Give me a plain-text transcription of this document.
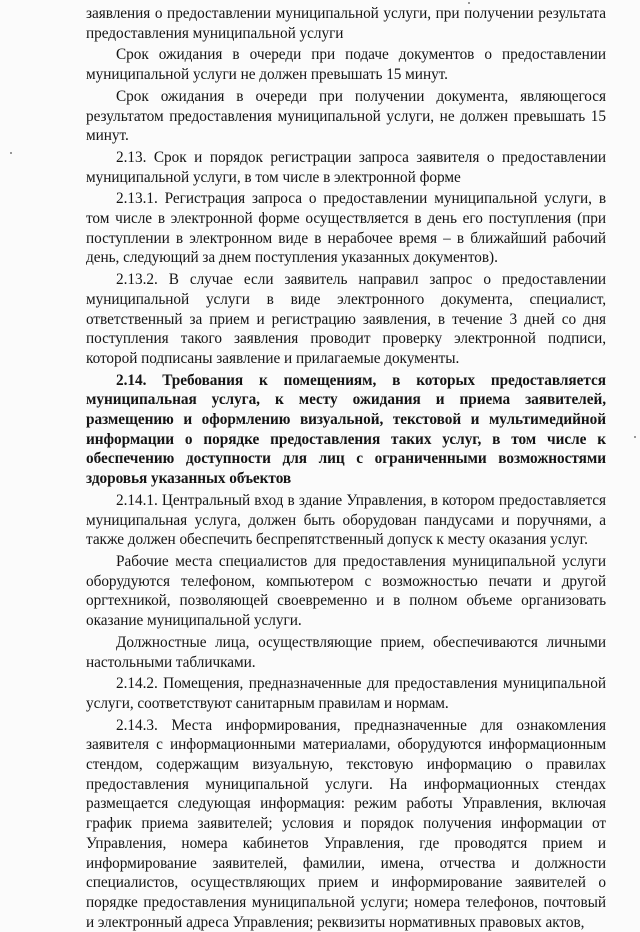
заявления о предоставлении муниципальной услуги, при получении результата предоставления муниципальной услуги

Срок ожидания в очереди при подаче документов о предоставлении муниципальной услуги не должен превышать 15 минут.

Срок ожидания в очереди при получении документа, являющегося результатом предоставления муниципальной услуги, не должен превышать 15 минут.

2.13. Срок и порядок регистрации запроса заявителя о предоставлении муниципальной услуги, в том числе в электронной форме

2.13.1. Регистрация запроса о предоставлении муниципальной услуги, в том числе в электронной форме осуществляется в день его поступления (при поступлении в электронном виде в нерабочее время – в ближайший рабочий день, следующий за днем поступления указанных документов).

2.13.2. В случае если заявитель направил запрос о предоставлении муниципальной услуги в виде электронного документа, специалист, ответственный за прием и регистрацию заявления, в течение 3 дней со дня поступления такого заявления проводит проверку электронной подписи, которой подписаны заявление и прилагаемые документы.

2.14. Требования к помещениям, в которых предоставляется муниципальная услуга, к месту ожидания и приема заявителей, размещению и оформлению визуальной, текстовой и мультимедийной информации о порядке предоставления таких услуг, в том числе к обеспечению доступности для лиц с ограниченными возможностями здоровья указанных объектов

2.14.1. Центральный вход в здание Управления, в котором предоставляется муниципальная услуга, должен быть оборудован пандусами и поручнями, а также должен обеспечить беспрепятственный допуск к месту оказания услуг.

Рабочие места специалистов для предоставления муниципальной услуги оборудуются телефоном, компьютером с возможностью печати и другой оргтехникой, позволяющей своевременно и в полном объеме организовать оказание муниципальной услуги.

Должностные лица, осуществляющие прием, обеспечиваются личными настольными табличками.

2.14.2. Помещения, предназначенные для предоставления муниципальной услуги, соответствуют санитарным правилам и нормам.

2.14.3. Места информирования, предназначенные для ознакомления заявителя с информационными материалами, оборудуются информационным стендом, содержащим визуальную, текстовую информацию о правилах предоставления муниципальной услуги. На информационных стендах размещается следующая информация: режим работы Управления, включая график приема заявителей; условия и порядок получения информации от Управления, номера кабинетов Управления, где проводятся прием и информирование заявителей, фамилии, имена, отчества и должности специалистов, осуществляющих прием и информирование заявителей о порядке предоставления муниципальной услуги; номера телефонов, почтовый и электронный адреса Управления; реквизиты нормативных правовых актов,
